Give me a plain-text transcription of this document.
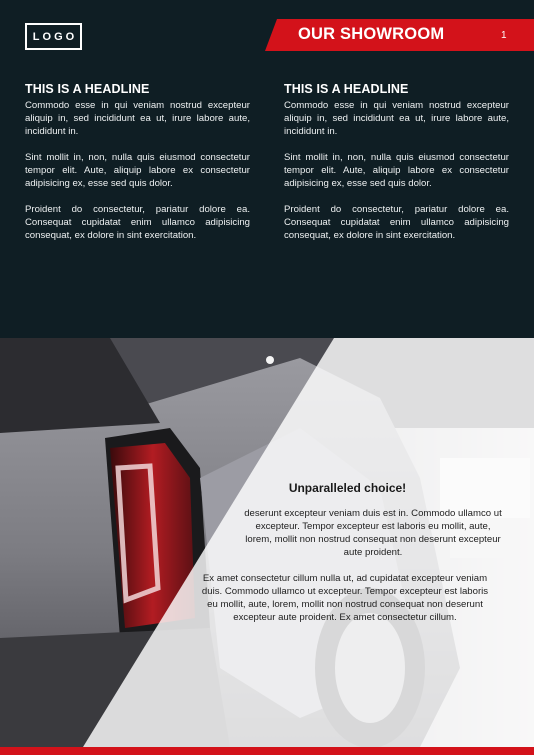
LOGO	OUR SHOWROOM	1
THIS IS A HEADLINE

Commodo esse in qui veniam nostrud excepteur aliquip in, sed incididunt ea ut, irure labore aute, incididunt in.

Sint mollit in, non, nulla quis eiusmod consectetur tempor elit. Aute, aliquip labore ex consectetur adipisicing ex, esse sed quis dolor.

Proident do consectetur, pariatur dolore ea. Consequat cupidatat enim ullamco adipisicing consequat, ex dolore in sint exercitation.

THIS IS A HEADLINE

Commodo esse in qui veniam nostrud excepteur aliquip in, sed incididunt ea ut, irure labore aute, incididunt in.

Sint mollit in, non, nulla quis eiusmod consectetur tempor elit. Aute, aliquip labore ex consectetur adipisicing ex, esse sed quis dolor.

Proident do consectetur, pariatur dolore ea. Consequat cupidatat enim ullamco adipisicing consequat, ex dolore in sint exercitation.

Unparalleled choice!
deserunt excepteur veniam duis est in. Commodo ullamco ut excepteur. Tempor excepteur est laboris eu mollit, aute, lorem, mollit non nostrud consequat non deserunt excepteur aute proident.
Ex amet consectetur cillum nulla ut, ad cupidatat excepteur veniam duis. Commodo ullamco ut excepteur. Tempor excepteur est laboris eu mollit, aute, lorem, mollit non nostrud consequat non deserunt excepteur aute proident. Ex amet consectetur cillum.
